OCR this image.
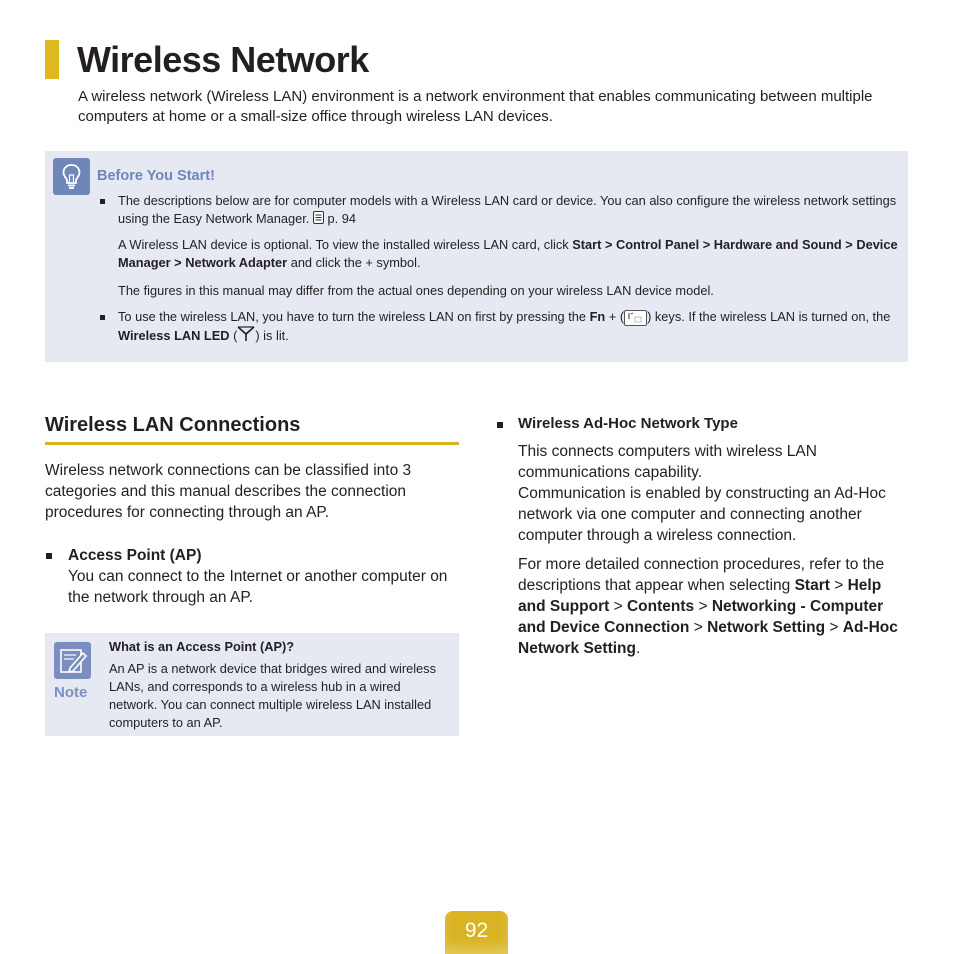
Wireless Network

A wireless network (Wireless LAN) environment is a network environment that enables communicating between multiple computers at home or a small-size office through wireless LAN devices.

Before You Start!
The descriptions below are for computer models with a Wireless LAN card or device. You can also configure the wireless network settings using the Easy Network Manager. p. 94
A Wireless LAN device is optional. To view the installed wireless LAN card, click Start > Control Panel > Hardware and Sound > Device Manager > Network Adapter and click the + symbol.
The figures in this manual may differ from the actual ones depending on your wireless LAN device model.
To use the wireless LAN, you have to turn the wireless LAN on first by pressing the Fn + ( ) keys. If the wireless LAN is turned on, the Wireless LAN LED ( ) is lit.
Wireless LAN Connections
Wireless network connections can be classified into 3 categories and this manual describes the connection procedures for connecting through an AP.
Access Point (AP)
You can connect to the Internet or another computer on the network through an AP.
Note
What is an Access Point (AP)?
An AP is a network device that bridges wired and wireless LANs, and corresponds to a wireless hub in a wired network. You can connect multiple wireless LAN installed computers to an AP.
Wireless Ad-Hoc Network Type
This connects computers with wireless LAN communications capability.
Communication is enabled by constructing an Ad-Hoc network via one computer and connecting another computer through a wireless connection.
For more detailed connection procedures, refer to the descriptions that appear when selecting Start > Help and Support > Contents > Networking - Computer and Device Connection > Network Setting > Ad-Hoc Network Setting.
92
